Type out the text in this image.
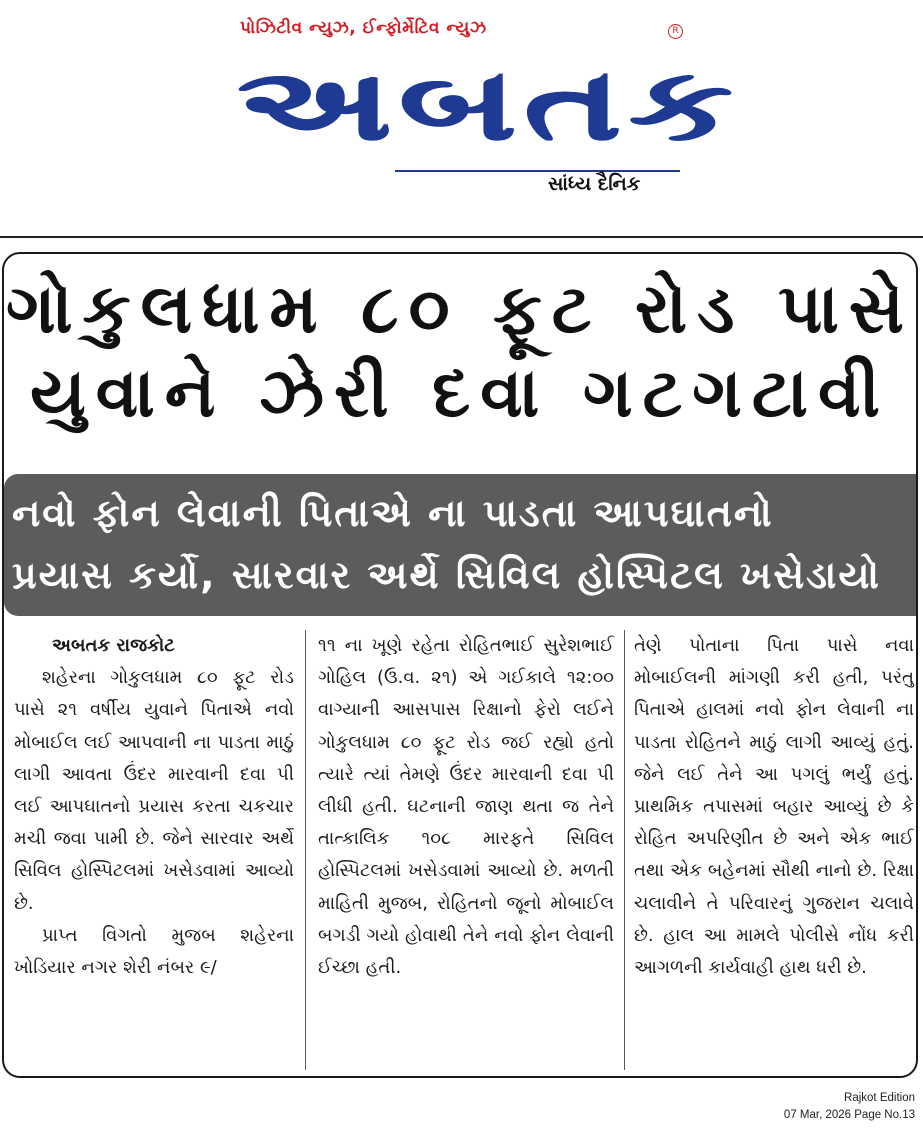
પોઝિટીવ ન્યુઝ, ઈન્ફોર્મેટિવ ન્યુઝ	R
અબતક
સાંધ્ય દૈનિક
ગોકુલધામ ૮૦ ફૂટ રોડ પાસે
યુવાને ઝેરી દવા ગટગટાવી
નવો ફોન લેવાની પિતાએ ના પાડતા આપઘાતનો
પ્રયાસ કર્યો, સારવાર અર્થે સિવિલ હોસ્પિટલ ખસેડાયો

અબતક રાજકોટ

શહેરના ગોકુલધામ ૮૦ ફૂટ રોડ પાસે ૨૧ વર્ષીય યુવાને પિતાએ નવો મોબાઈલ લઈ આપવાની ના પાડતા માઠું લાગી આવતા ઉંદર મારવાની દવા પી લઈ આપઘાતનો પ્રયાસ કરતા ચકચાર મચી જવા પામી છે. જેને સારવાર અર્થે સિવિલ હોસ્પિટલમાં ખસેડવામાં આવ્યો છે.

પ્રાપ્ત વિગતો મુજબ શહેરના ખોડિયાર નગર શેરી નંબર ૯/

૧૧ ના ખૂણે રહેતા રોહિતભાઈ સુરેશભાઈ ગોહિલ (ઉ.વ. ૨૧) એ ગઈકાલે ૧૨:૦૦ વાગ્યાની આસપાસ રિક્ષાનો ફેરો લઈને ગોકુલધામ ૮૦ ફૂટ રોડ જઈ રહ્યો હતો ત્યારે ત્યાં તેમણે ઉંદર મારવાની દવા પી લીધી હતી. ઘટનાની જાણ થતા જ તેને તાત્કાલિક ૧૦૮ મારફતે સિવિલ હોસ્પિટલમાં ખસેડવામાં આવ્યો છે. મળતી માહિતી મુજબ, રોહિતનો જૂનો મોબાઈલ બગડી ગયો હોવાથી તેને નવો ફોન લેવાની ઈચ્છા હતી.

તેણે પોતાના પિતા પાસે નવા મોબાઈલની માંગણી કરી હતી, પરંતુ પિતાએ હાલમાં નવો ફોન લેવાની ના પાડતા રોહિતને માઠું લાગી આવ્યું હતું. જેને લઈ તેને આ પગલું ભર્યું હતું. પ્રાથમિક તપાસમાં બહાર આવ્યું છે કે રોહિત અપરિણીત છે અને એક ભાઈ તથા એક બહેનમાં સૌથી નાનો છે. રિક્ષા ચલાવીને તે પરિવારનું ગુજરાન ચલાવે છે. હાલ આ મામલે પોલીસે નોંધ કરી આગળની કાર્યવાહી હાથ ધરી છે.

Rajkot Edition
07 Mar, 2026 Page No.13
